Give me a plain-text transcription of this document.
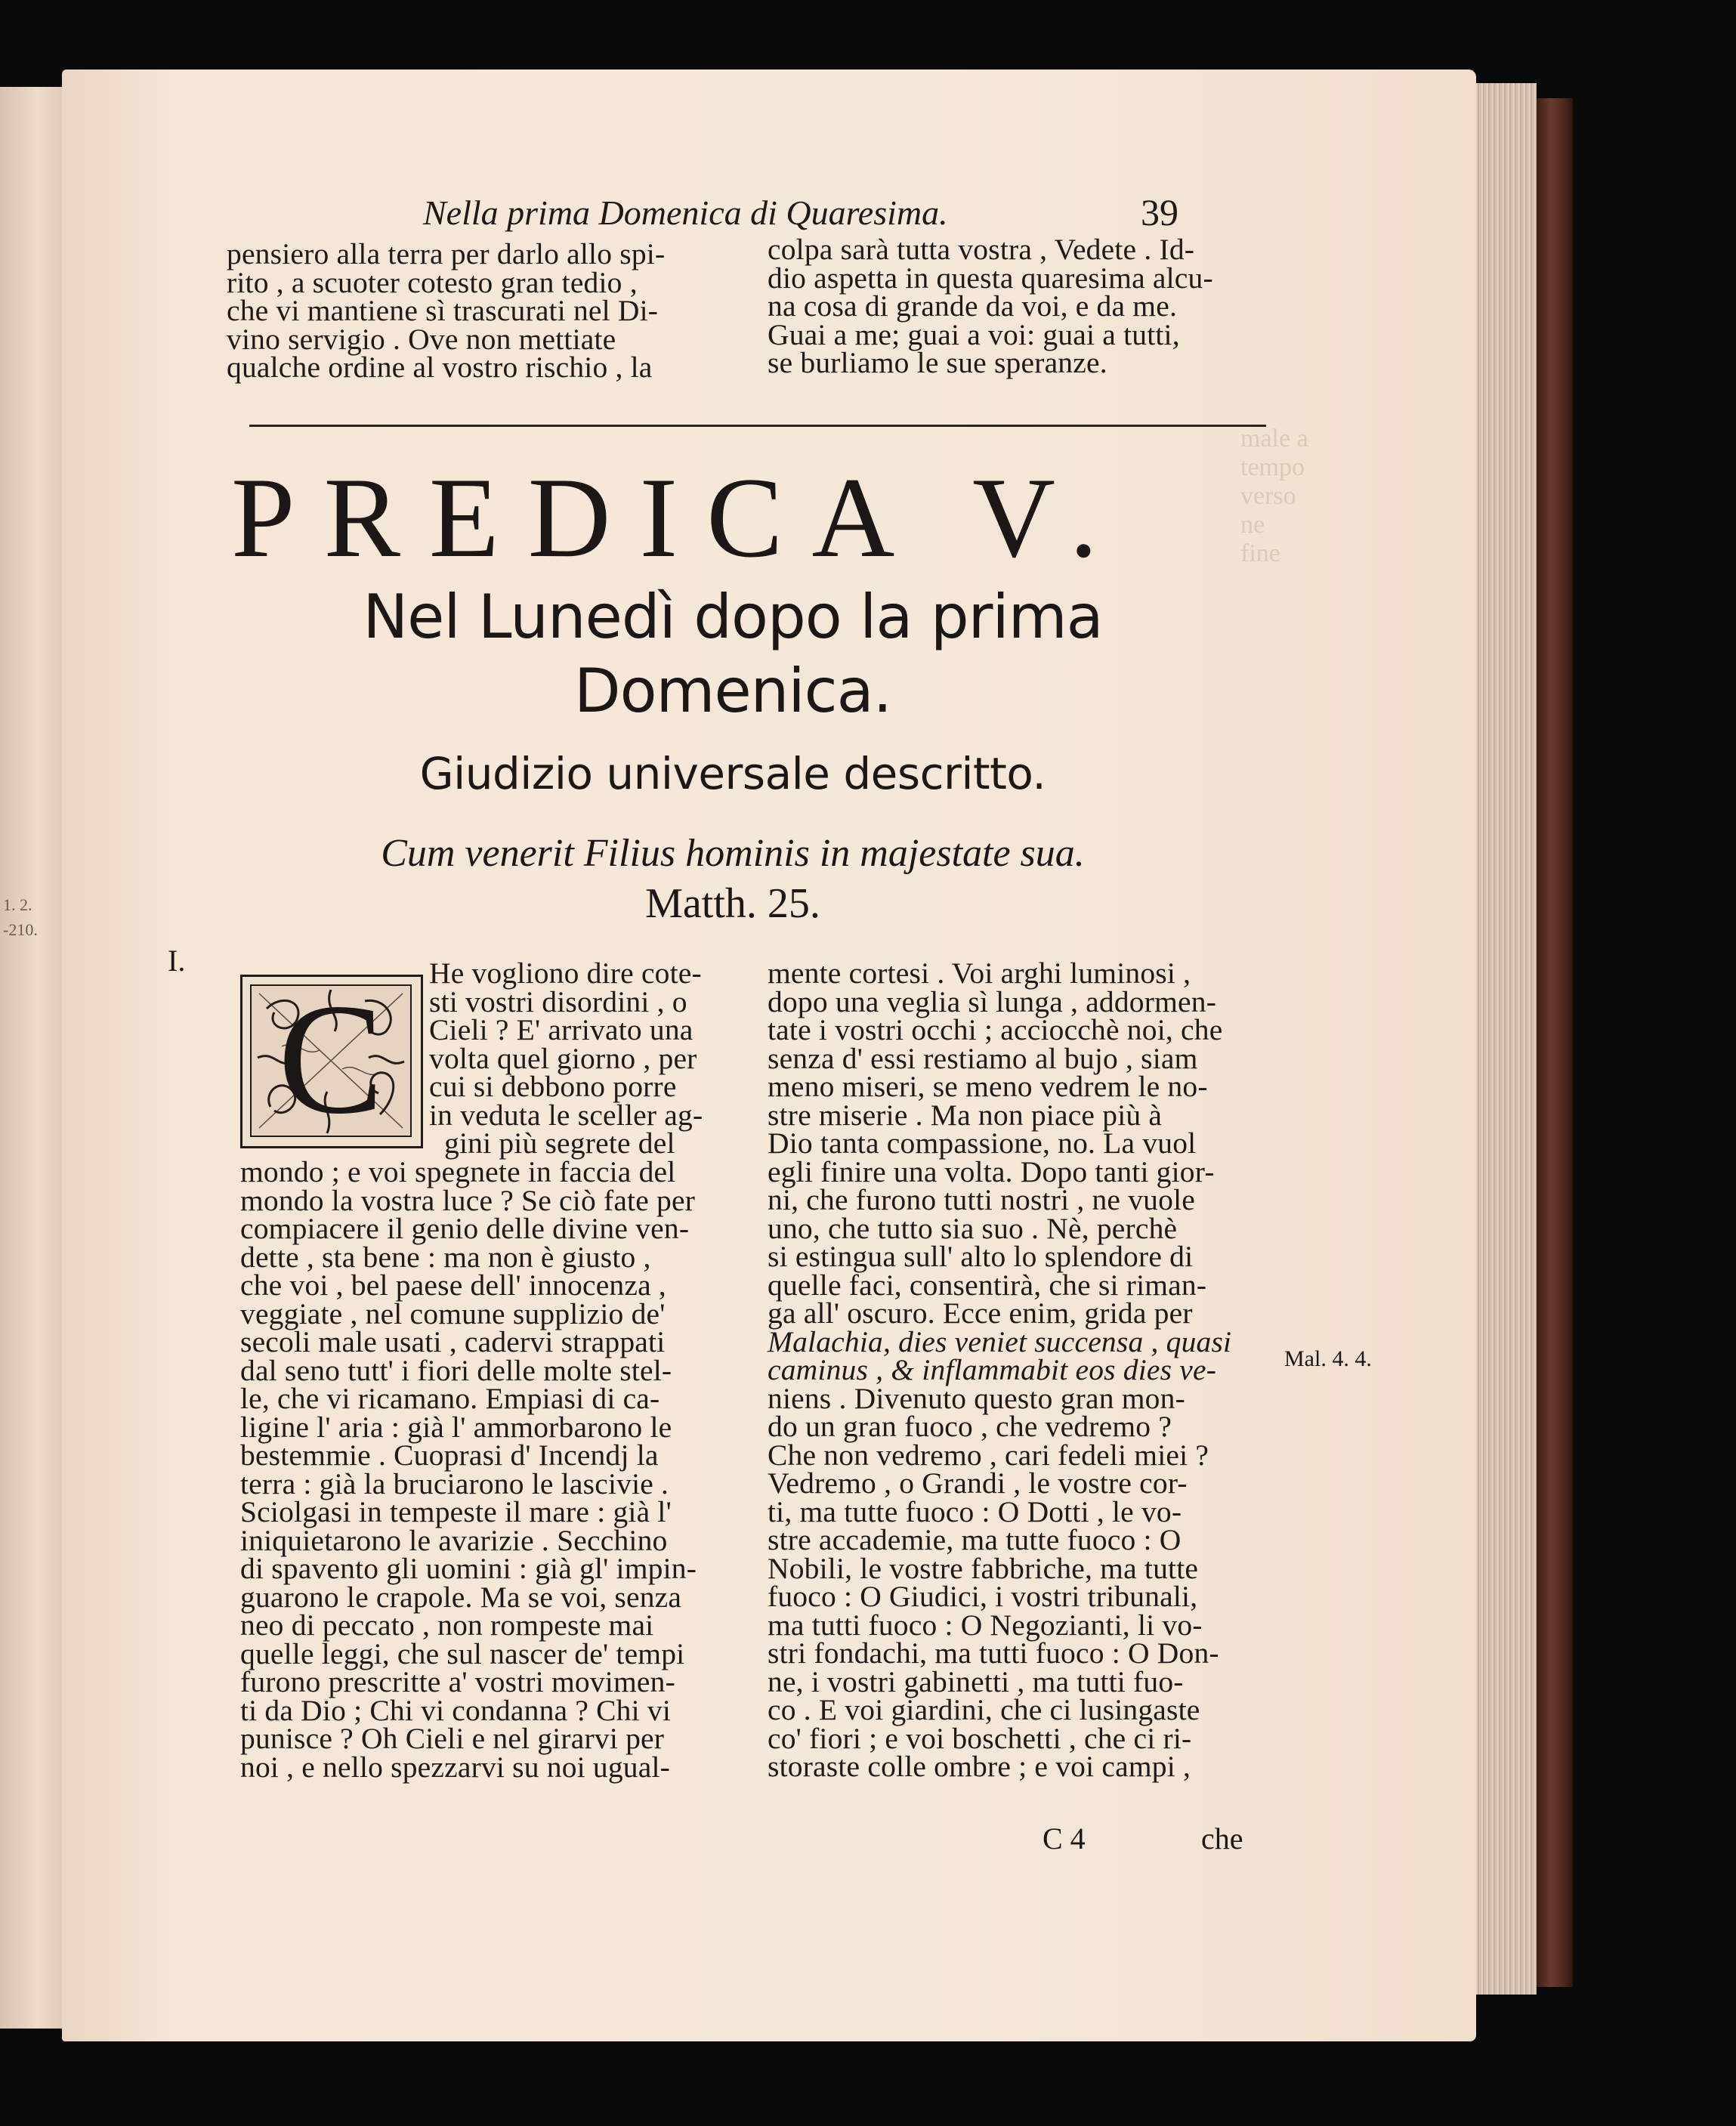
1. 2.
-210.
male a
tempo
verso
ne
fine
Nella prima Domenica di Quaresima.	39
pensiero alla terra per darlo allo spi-
rito , a scuoter cotesto gran tedio ,
che vi mantiene sì trascurati nel Di-
vino servigio . Ove non mettiate
qualche ordine al vostro rischio , la
colpa sarà tutta vostra , Vedete . Id-
dio aspetta in questa quaresima alcu-
na cosa di grande da voi, e da me.
Guai a me; guai a voi: guai a tutti,
se burliamo le sue speranze.
PREDICA V.
Nel Lunedì dopo la prima
Domenica.
Giudizio universale descritto.
Cum venerit Filius hominis in majestate sua.
Matth. 25.
I.
C	He vogliono dire cote-
sti vostri disordini , o
Cieli ? E' arrivato una
volta quel giorno , per
cui si debbono porre
in veduta le sceller ag-
gini più segrete del
mondo ; e voi spegnete in faccia del
mondo la vostra luce ? Se ciò fate per
compiacere il genio delle divine ven-
dette , sta bene : ma non è giusto ,
che voi , bel paese dell' innocenza ,
veggiate , nel comune supplizio de'
secoli male usati , cadervi strappati
dal seno tutt' i fiori delle molte stel-
le, che vi ricamano. Empiasi di ca-
ligine l' aria : già l' ammorbarono le
bestemmie . Cuoprasi d' Incendj la
terra : già la bruciarono le lascivie .
Sciolgasi in tempeste il mare : già l'
iniquietarono le avarizie . Secchino
di spavento gli uomini : già gl' impin-
guarono le crapole. Ma se voi, senza
neo di peccato , non rompeste mai
quelle leggi, che sul nascer de' tempi
furono prescritte a' vostri movimen-
ti da Dio ; Chi vi condanna ? Chi vi
punisce ? Oh Cieli e nel girarvi per
noi , e nello spezzarvi su noi ugual-
mente cortesi . Voi arghi luminosi ,
dopo una veglia sì lunga , addormen-
tate i vostri occhi ; acciocchè noi, che
senza d' essi restiamo al bujo , siam
meno miseri, se meno vedrem le no-
stre miserie . Ma non piace più à
Dio tanta compassione, no. La vuol
egli finire una volta. Dopo tanti gior-
ni, che furono tutti nostri , ne vuole
uno, che tutto sia suo . Nè, perchè
si estingua sull' alto lo splendore di
quelle faci, consentirà, che si riman-
ga all' oscuro. Ecce enim, grida per
Malachia, dies veniet succensa , quasi
caminus , & inflammabit eos dies ve-
niens . Divenuto questo gran mon-
do un gran fuoco , che vedremo ?
Che non vedremo , cari fedeli miei ?
Vedremo , o Grandi , le vostre cor-
ti, ma tutte fuoco : O Dotti , le vo-
stre accademie, ma tutte fuoco : O
Nobili, le vostre fabbriche, ma tutte
fuoco : O Giudici, i vostri tribunali,
ma tutti fuoco : O Negozianti, li vo-
stri fondachi, ma tutti fuoco : O Don-
ne, i vostri gabinetti , ma tutti fuo-
co . E voi giardini, che ci lusingaste
co' fiori ; e voi boschetti , che ci ri-
storaste colle ombre ; e voi campi ,
Mal. 4. 4.
C 4	che
